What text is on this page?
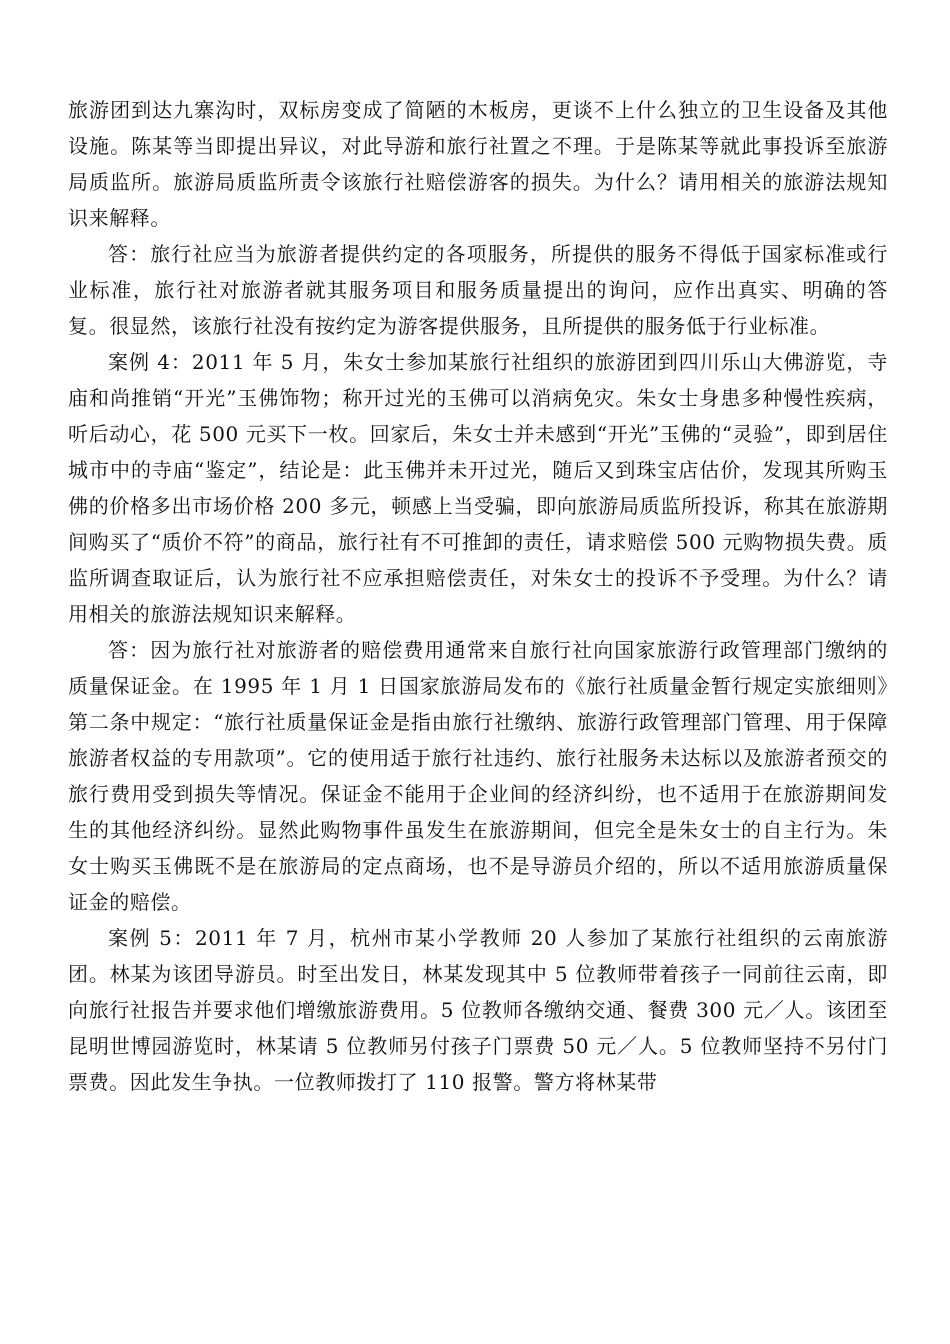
旅游团到达九寨沟时，双标房变成了简陋的木板房，更谈不上什么独立的卫生设备及其他设施。陈某等当即提出异议，对此导游和旅行社置之不理。于是陈某等就此事投诉至旅游局质监所。旅游局质监所责令该旅行社赔偿游客的损失。为什么？请用相关的旅游法规知识来解释。

答：旅行社应当为旅游者提供约定的各项服务，所提供的服务不得低于国家标准或行业标准，旅行社对旅游者就其服务项目和服务质量提出的询问，应作出真实、明确的答复。很显然，该旅行社没有按约定为游客提供服务，且所提供的服务低于行业标准。

案例 4：2011 年 5 月，朱女士参加某旅行社组织的旅游团到四川乐山大佛游览，寺庙和尚推销“开光”玉佛饰物；称开过光的玉佛可以消病免灾。朱女士身患多种慢性疾病，听后动心，花 500 元买下一枚。回家后，朱女士并未感到“开光”玉佛的“灵验”，即到居住城市中的寺庙“鉴定”，结论是：此玉佛并未开过光，随后又到珠宝店估价，发现其所购玉佛的价格多出市场价格 200 多元，顿感上当受骗，即向旅游局质监所投诉，称其在旅游期间购买了“质价不符”的商品，旅行社有不可推卸的责任，请求赔偿 500 元购物损失费。质监所调查取证后，认为旅行社不应承担赔偿责任，对朱女士的投诉不予受理。为什么？请用相关的旅游法规知识来解释。

答：因为旅行社对旅游者的赔偿费用通常来自旅行社向国家旅游行政管理部门缴纳的质量保证金。在 1995 年 1 月 1 日国家旅游局发布的《旅行社质量金暂行规定实旅细则》第二条中规定：“旅行社质量保证金是指由旅行社缴纳、旅游行政管理部门管理、用于保障旅游者权益的专用款项”。它的使用适于旅行社违约、旅行社服务未达标以及旅游者预交的旅行费用受到损失等情况。保证金不能用于企业间的经济纠纷，也不适用于在旅游期间发生的其他经济纠纷。显然此购物事件虽发生在旅游期间，但完全是朱女士的自主行为。朱女士购买玉佛既不是在旅游局的定点商场，也不是导游员介绍的，所以不适用旅游质量保证金的赔偿。

案例 5：2011 年 7 月，杭州市某小学教师 20 人参加了某旅行社组织的云南旅游团。林某为该团导游员。时至出发日，林某发现其中 5 位教师带着孩子一同前往云南，即向旅行社报告并要求他们增缴旅游费用。5 位教师各缴纳交通、餐费 300 元／人。该团至昆明世博园游览时，林某请 5 位教师另付孩子门票费 50 元／人。5 位教师坚持不另付门票费。因此发生争执。一位教师拨打了 110 报警。警方将林某带
